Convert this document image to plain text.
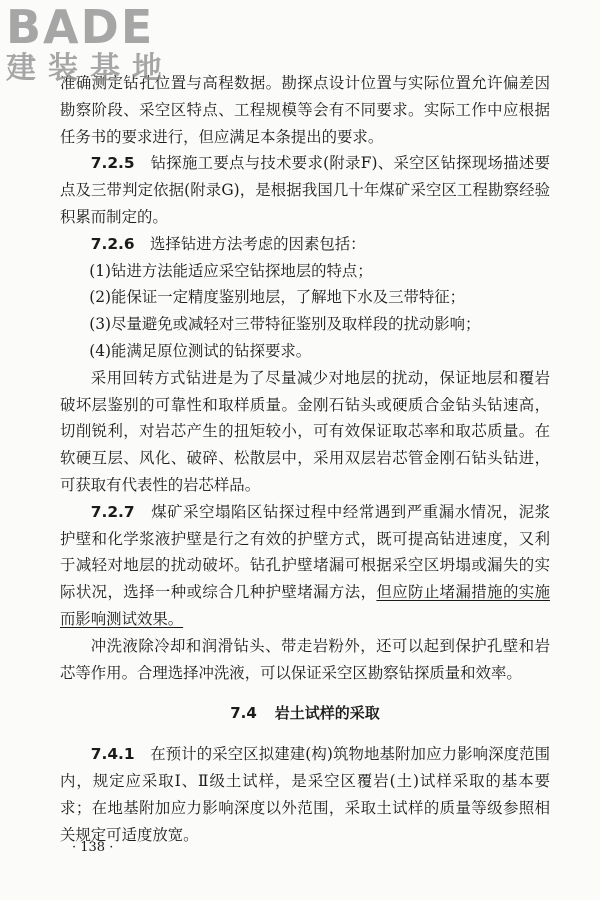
BADE
建装基地

准确测定钻孔位置与高程数据。勘探点设计位置与实际位置允许偏差因勘察阶段、采空区特点、工程规模等会有不同要求。实际工作中应根据任务书的要求进行，但应满足本条提出的要求。

7.2.5　 钻探施工要点与技术要求(附录F)、采空区钻探现场描述要点及三带判定依据(附录G)，是根据我国几十年煤矿采空区工程勘察经验积累而制定的。

7.2.6　 选择钻进方法考虑的因素包括：

(1)钻进方法能适应采空钻探地层的特点；

(2)能保证一定精度鉴别地层，了解地下水及三带特征；

(3)尽量避免或减轻对三带特征鉴别及取样段的扰动影响；

(4)能满足原位测试的钻探要求。

采用回转方式钻进是为了尽量减少对地层的扰动，保证地层和覆岩破坏层鉴别的可靠性和取样质量。金刚石钻头或硬质合金钻头钻速高，切削锐利，对岩芯产生的扭矩较小，可有效保证取芯率和取芯质量。在软硬互层、风化、破碎、松散层中，采用双层岩芯管金刚石钻头钻进，可获取有代表性的岩芯样品。

7.2.7　 煤矿采空塌陷区钻探过程中经常遇到严重漏水情况，泥浆护壁和化学浆液护壁是行之有效的护壁方式，既可提高钻进速度，又利于减轻对地层的扰动破坏。钻孔护壁堵漏可根据采空区坍塌或漏失的实际状况，选择一种或综合几种护壁堵漏方法，但应防止堵漏措施的实施而影响测试效果。

冲洗液除冷却和润滑钻头、带走岩粉外，还可以起到保护孔壁和岩芯等作用。合理选择冲洗液，可以保证采空区勘察钻探质量和效率。

7.4 岩土试样的采取

7.4.1　 在预计的采空区拟建建(构)筑物地基附加应力影响深度范围内，规定应采取Ⅰ、Ⅱ级土试样，是采空区覆岩(土)试样采取的基本要求；在地基附加应力影响深度以外范围，采取土试样的质量等级参照相关规定可适度放宽。

· 138 ·
